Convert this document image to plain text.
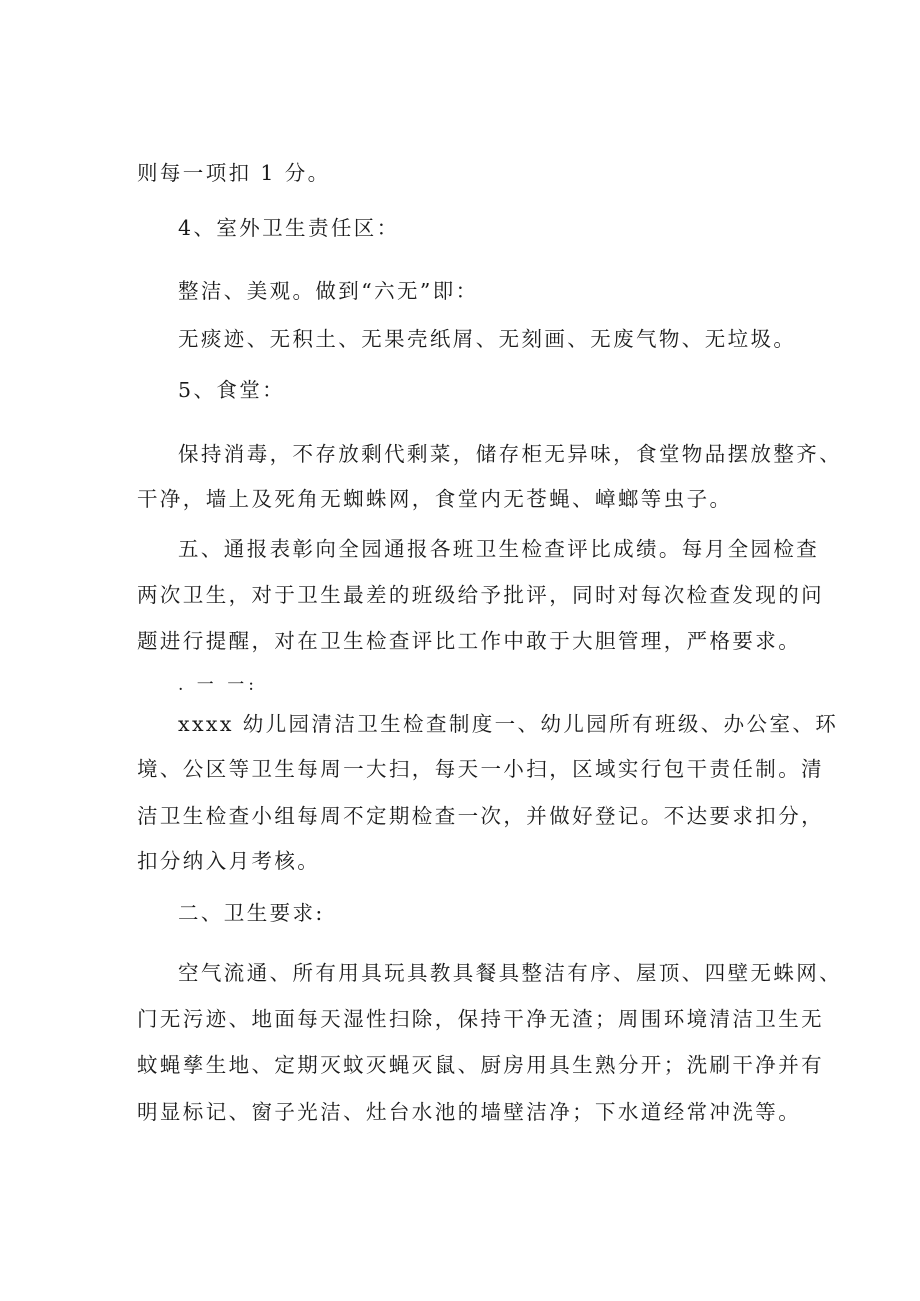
则每一项扣 1 分。
4、室外卫生责任区：
整洁、美观。做到“六无”即：
无痰迹、无积土、无果壳纸屑、无刻画、无废气物、无垃圾。
5、食堂：
保持消毒，不存放剩代剩菜，储存柜无异味，食堂物品摆放整齐、
干净，墙上及死角无蜘蛛网，食堂内无苍蝇、嶂螂等虫子。
五、通报表彰向全园通报各班卫生检查评比成绩。每月全园检查
两次卫生，对于卫生最差的班级给予批评，同时对每次检查发现的问
题进行提醒，对在卫生检查评比工作中敢于大胆管理，严格要求。
. 一 一:
xxxx 幼儿园清洁卫生检查制度一、幼儿园所有班级、办公室、环
境、公区等卫生每周一大扫，每天一小扫，区域实行包干责任制。清
洁卫生检查小组每周不定期检查一次，并做好登记。不达要求扣分，
扣分纳入月考核。
二、卫生要求:
空气流通、所有用具玩具教具餐具整洁有序、屋顶、四壁无蛛网、
门无污迹、地面每天湿性扫除，保持干净无渣；周围环境清洁卫生无
蚊蝇孳生地、定期灭蚊灭蝇灭鼠、厨房用具生熟分开；洗刷干净并有
明显标记、窗子光洁、灶台水池的墙壁洁净；下水道经常冲洗等。
